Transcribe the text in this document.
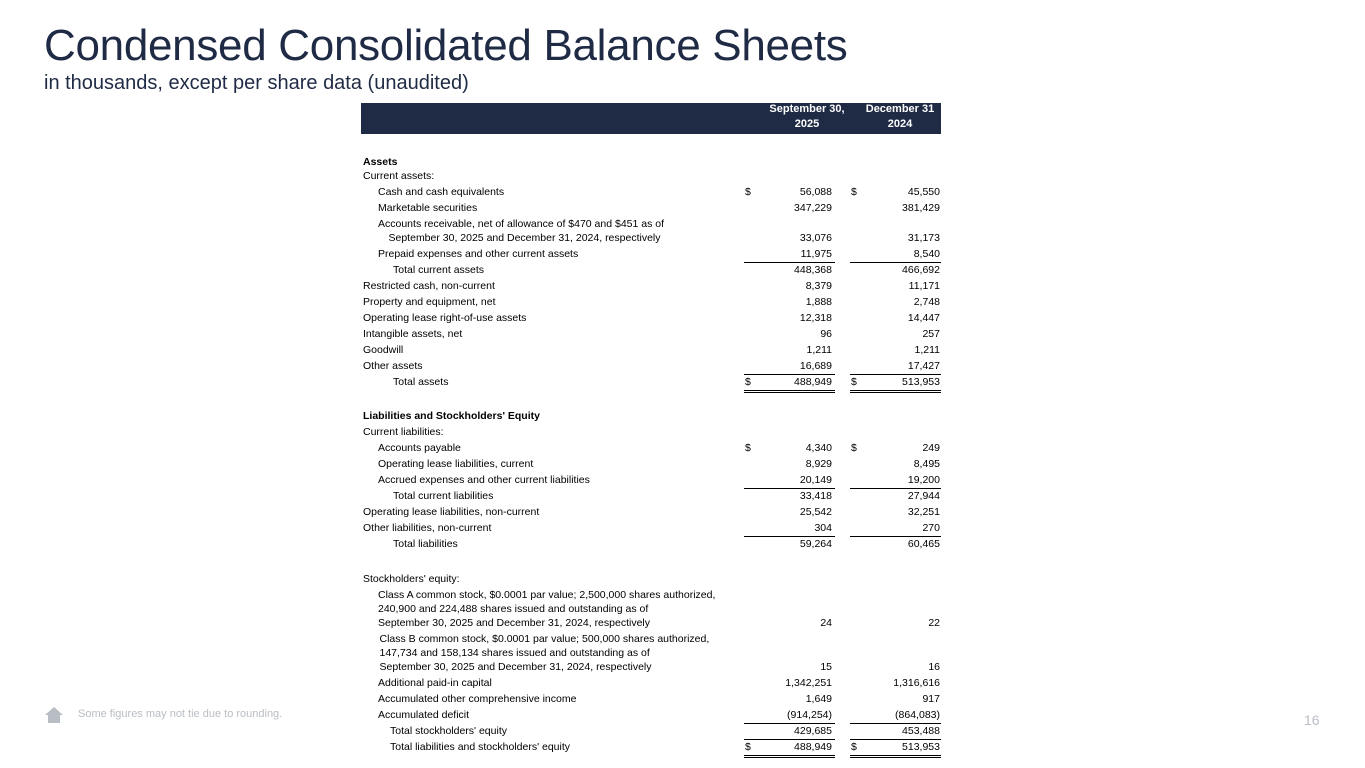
Condensed Consolidated Balance Sheets
in thousands, except per share data (unaudited)
September 30,
2025
December 31
2024
Assets
Current assets:
Cash and cash equivalents	$	56,088 $	45,550
Marketable securities	347,229	381,429
Accounts receivable, net of allowance of $470 and $451 as of
September 30, 2025 and December 31, 2024, respectively	33,076	31,173
Prepaid expenses and other current assets	11,975	8,540
Total current assets	448,368	466,692
Restricted cash, non-current	8,379	11,171
Property and equipment, net	1,888	2,748
Operating lease right-of-use assets	12,318	14,447
Intangible assets, net	96	257
Goodwill	1,211	1,211
Other assets	16,689	17,427
Total assets	$	488,949 $	513,953
Liabilities and Stockholders' Equity
Current liabilities:
Accounts payable	$	4,340 $	249
Operating lease liabilities, current	8,929	8,495
Accrued expenses and other current liabilities	20,149	19,200
Total current liabilities	33,418	27,944
Operating lease liabilities, non-current	25,542	32,251
Other liabilities, non-current	304	270
Total liabilities	59,264	60,465
Stockholders' equity:
Class A common stock, $0.0001 par value; 2,500,000 shares authorized,
240,900 and 224,488 shares issued and outstanding as of
September 30, 2025 and December 31, 2024, respectively	24	22
Class B common stock, $0.0001 par value; 500,000 shares authorized,
147,734 and 158,134 shares issued and outstanding as of
September 30, 2025 and December 31, 2024, respectively	15	16
Additional paid-in capital	1,342,251	1,316,616
Accumulated other comprehensive income	1,649	917
Accumulated deficit	(914,254)	(864,083)
Total stockholders' equity	429,685	453,488
Total liabilities and stockholders' equity	$	488,949 $	513,953
Some figures may not tie due to rounding.	16
